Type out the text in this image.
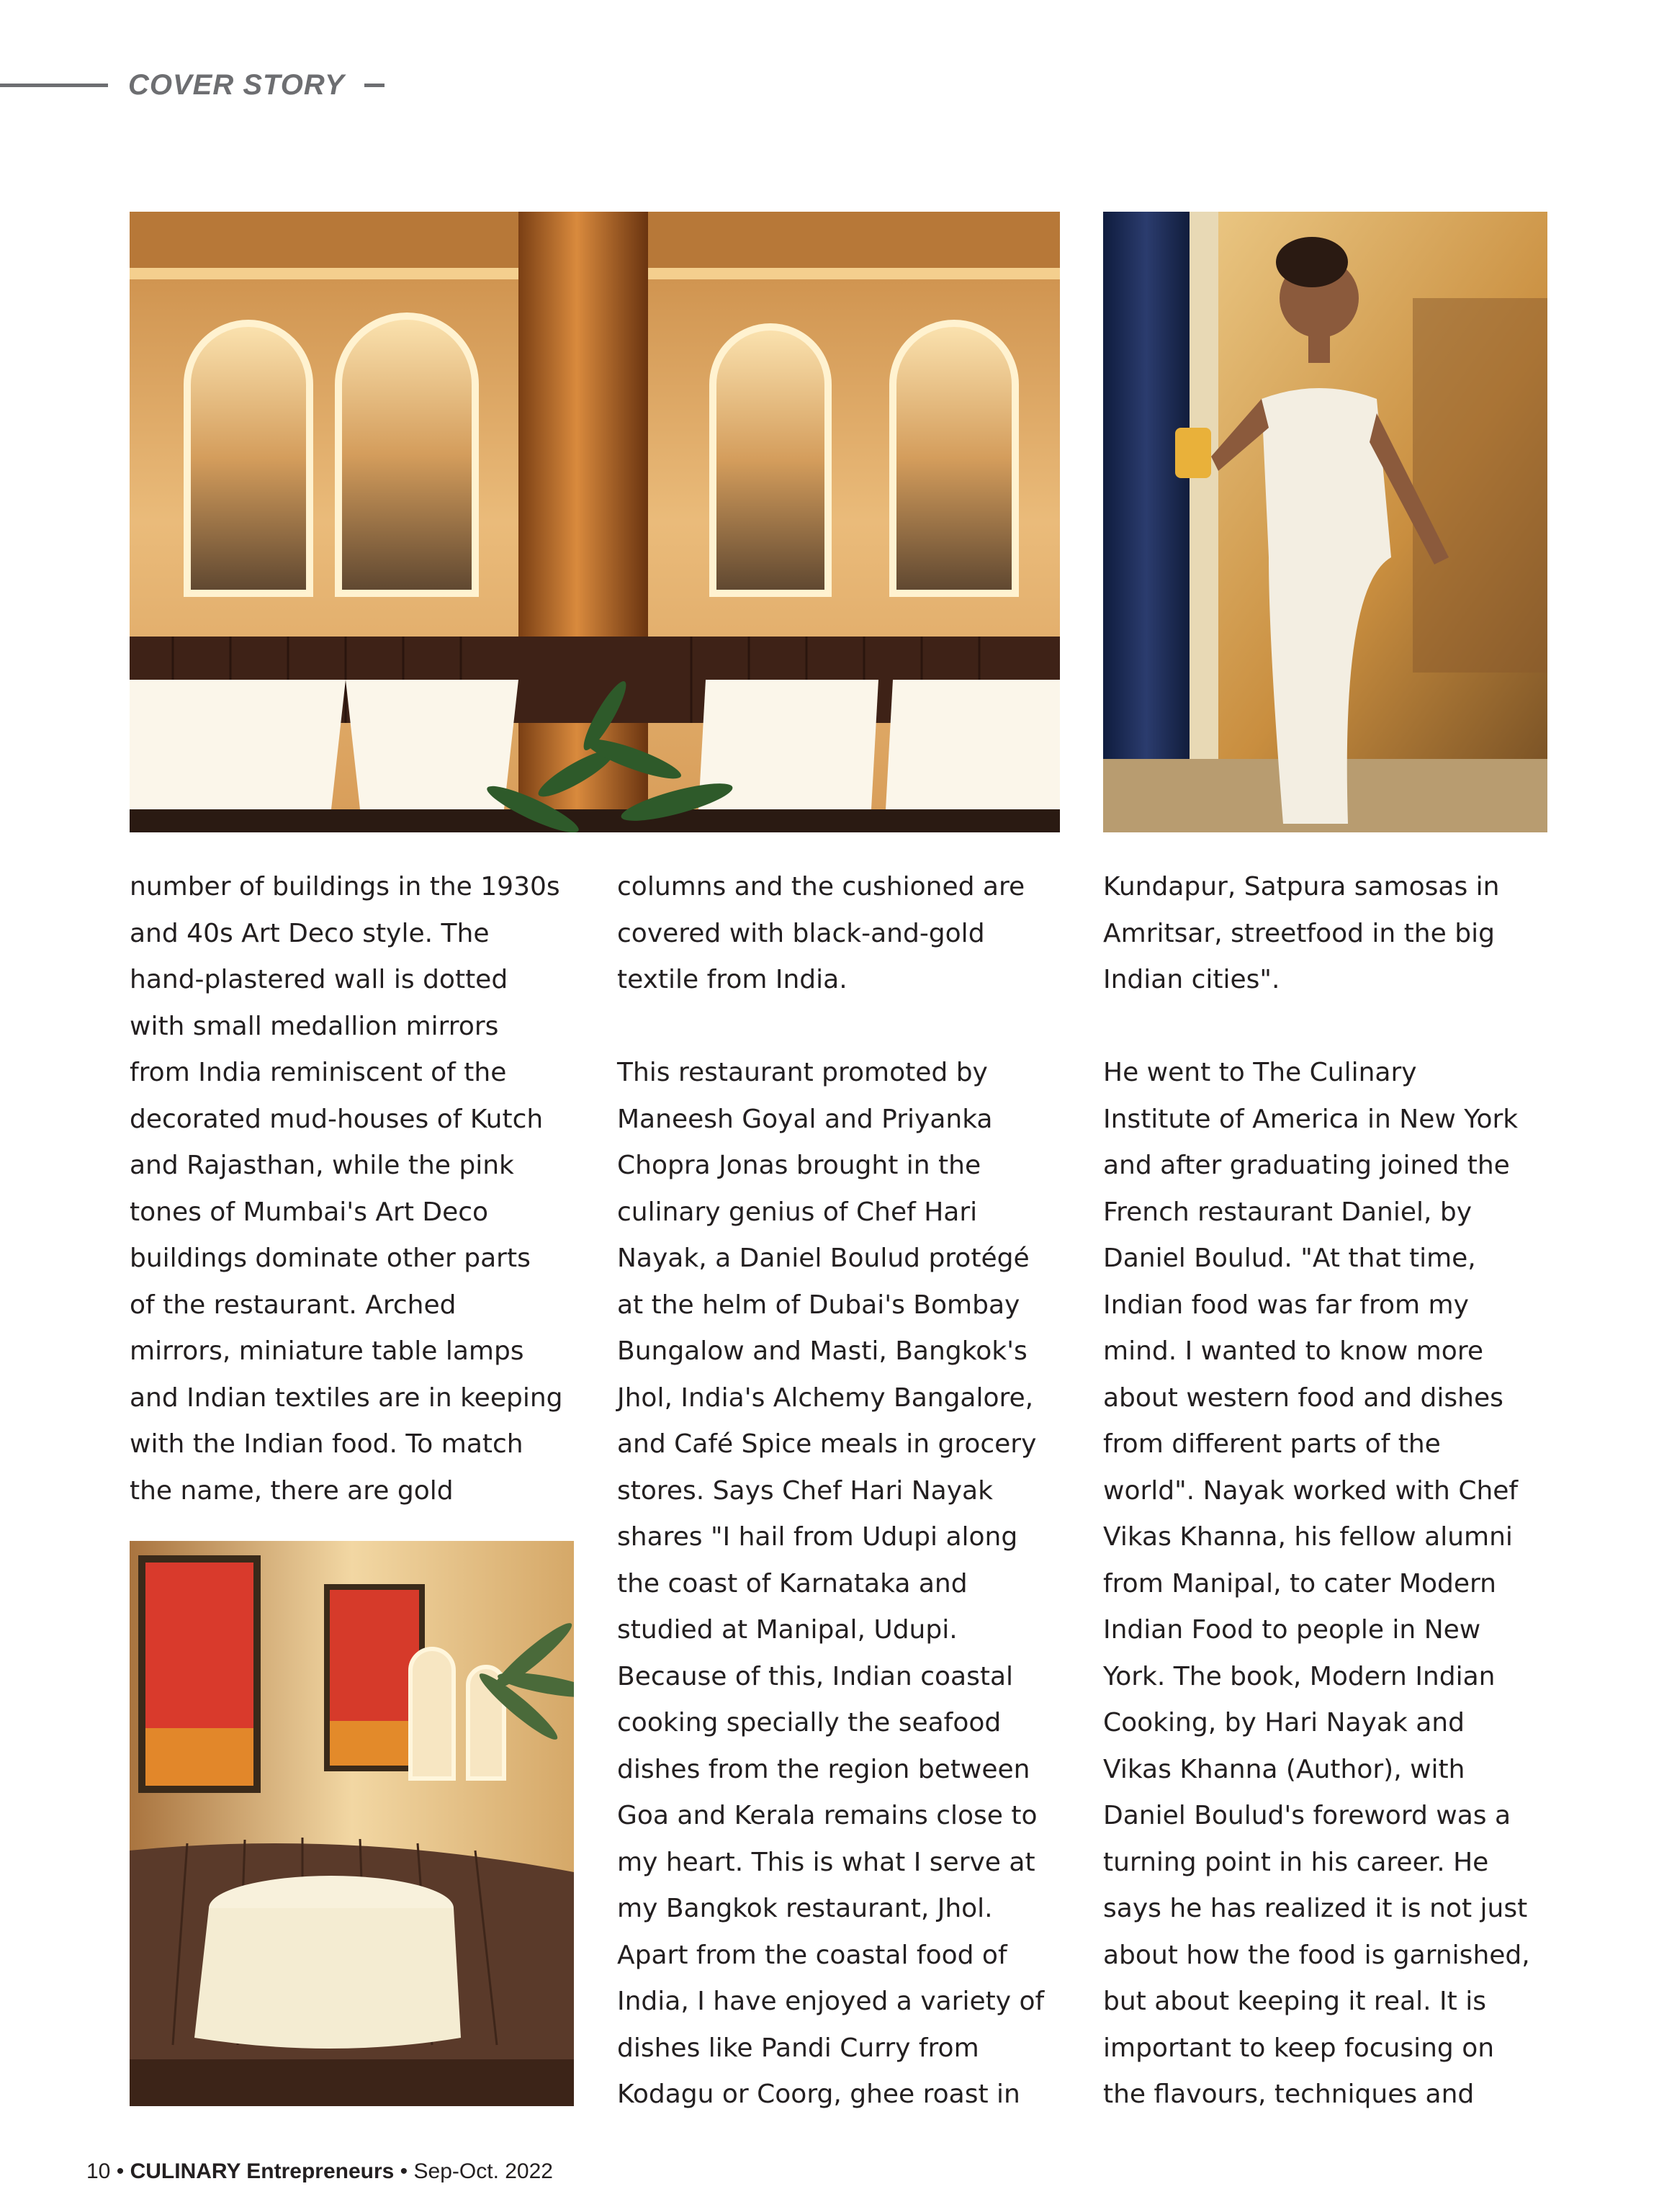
COVER STORY
number of buildings in the 1930s
and 40s Art Deco style. The
hand-plastered wall is dotted
with small medallion mirrors
from India reminiscent of the
decorated mud-houses of Kutch
and Rajasthan, while the pink
tones of Mumbai's Art Deco
buildings dominate other parts
of the restaurant. Arched
mirrors, miniature table lamps
and Indian textiles are in keeping
with the Indian food. To match
the name, there are gold
columns and the cushioned are
covered with black-and-gold
textile from India.

This restaurant promoted by
Maneesh Goyal and Priyanka
Chopra Jonas brought in the
culinary genius of Chef Hari
Nayak, a Daniel Boulud protégé
at the helm of Dubai's Bombay
Bungalow and Masti, Bangkok's
Jhol, India's Alchemy Bangalore,
and Café Spice meals in grocery
stores. Says Chef Hari Nayak
shares "I hail from Udupi along
the coast of Karnataka and
studied at Manipal, Udupi.
Because of this, Indian coastal
cooking specially the seafood
dishes from the region between
Goa and Kerala remains close to
my heart. This is what I serve at
my Bangkok restaurant, Jhol.
Apart from the coastal food of
India, I have enjoyed a variety of
dishes like Pandi Curry from
Kodagu or Coorg, ghee roast in
Kundapur, Satpura samosas in
Amritsar, streetfood in the big
Indian cities".

He went to The Culinary
Institute of America in New York
and after graduating joined the
French restaurant Daniel, by
Daniel Boulud. "At that time,
Indian food was far from my
mind. I wanted to know more
about western food and dishes
from different parts of the
world". Nayak worked with Chef
Vikas Khanna, his fellow alumni
from Manipal, to cater Modern
Indian Food to people in New
York. The book, Modern Indian
Cooking, by Hari Nayak and
Vikas Khanna (Author), with
Daniel Boulud's foreword was a
turning point in his career. He
says he has realized it is not just
about how the food is garnished,
but about keeping it real. It is
important to keep focusing on
the flavours, techniques and
10 • CULINARY Entrepreneurs • Sep-Oct. 2022
